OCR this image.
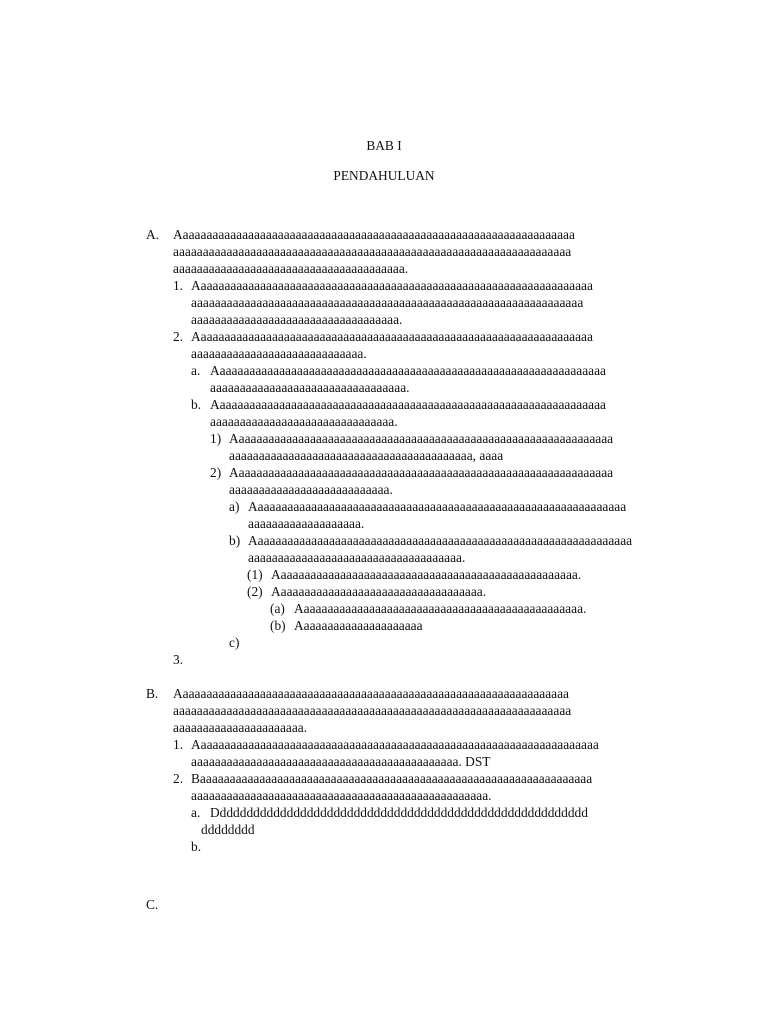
BAB I
PENDAHULUAN
A. Aaaaaaaaaaaaaaaaaaaaaaaaaaaaaaaaaaaaaaaaaaaaaaaaaaaaaaaaaaaaaaaaaaa
aaaaaaaaaaaaaaaaaaaaaaaaaaaaaaaaaaaaaaaaaaaaaaaaaaaaaaaaaaaaaaaaaaa
aaaaaaaaaaaaaaaaaaaaaaaaaaaaaaaaaaaaaaa.
1. Aaaaaaaaaaaaaaaaaaaaaaaaaaaaaaaaaaaaaaaaaaaaaaaaaaaaaaaaaaaaaaaaaaa
aaaaaaaaaaaaaaaaaaaaaaaaaaaaaaaaaaaaaaaaaaaaaaaaaaaaaaaaaaaaaaaaaa
aaaaaaaaaaaaaaaaaaaaaaaaaaaaaaaaaaa.
2. Aaaaaaaaaaaaaaaaaaaaaaaaaaaaaaaaaaaaaaaaaaaaaaaaaaaaaaaaaaaaaaaaaaa
aaaaaaaaaaaaaaaaaaaaaaaaaaaaa.
a. Aaaaaaaaaaaaaaaaaaaaaaaaaaaaaaaaaaaaaaaaaaaaaaaaaaaaaaaaaaaaaaaaaa
aaaaaaaaaaaaaaaaaaaaaaaaaaaaaaaaa.
b. Aaaaaaaaaaaaaaaaaaaaaaaaaaaaaaaaaaaaaaaaaaaaaaaaaaaaaaaaaaaaaaaaaa
aaaaaaaaaaaaaaaaaaaaaaaaaaaaaaa.
1) Aaaaaaaaaaaaaaaaaaaaaaaaaaaaaaaaaaaaaaaaaaaaaaaaaaaaaaaaaaaaaaaa
aaaaaaaaaaaaaaaaaaaaaaaaaaaaaaaaaaaaaaaaa, aaaa
2) Aaaaaaaaaaaaaaaaaaaaaaaaaaaaaaaaaaaaaaaaaaaaaaaaaaaaaaaaaaaaaaaa
aaaaaaaaaaaaaaaaaaaaaaaaaaa.
a) Aaaaaaaaaaaaaaaaaaaaaaaaaaaaaaaaaaaaaaaaaaaaaaaaaaaaaaaaaaaaaaa
aaaaaaaaaaaaaaaaaaa.
b) Aaaaaaaaaaaaaaaaaaaaaaaaaaaaaaaaaaaaaaaaaaaaaaaaaaaaaaaaaaaaaaaa
aaaaaaaaaaaaaaaaaaaaaaaaaaaaaaaaaaaa.
(1) Aaaaaaaaaaaaaaaaaaaaaaaaaaaaaaaaaaaaaaaaaaaaaaaaaaa.
(2) Aaaaaaaaaaaaaaaaaaaaaaaaaaaaaaaaaaa.
(a) Aaaaaaaaaaaaaaaaaaaaaaaaaaaaaaaaaaaaaaaaaaaaaaaa.
(b) Aaaaaaaaaaaaaaaaaaaaa
c)
3.
B. Aaaaaaaaaaaaaaaaaaaaaaaaaaaaaaaaaaaaaaaaaaaaaaaaaaaaaaaaaaaaaaaaaa
aaaaaaaaaaaaaaaaaaaaaaaaaaaaaaaaaaaaaaaaaaaaaaaaaaaaaaaaaaaaaaaaaaa
aaaaaaaaaaaaaaaaaaaaaa.
1. Aaaaaaaaaaaaaaaaaaaaaaaaaaaaaaaaaaaaaaaaaaaaaaaaaaaaaaaaaaaaaaaaaaaa
aaaaaaaaaaaaaaaaaaaaaaaaaaaaaaaaaaaaaaaaaaaaa. DST
2. Baaaaaaaaaaaaaaaaaaaaaaaaaaaaaaaaaaaaaaaaaaaaaaaaaaaaaaaaaaaaaaaaaa
aaaaaaaaaaaaaaaaaaaaaaaaaaaaaaaaaaaaaaaaaaaaaaaaaa.
a. Dddddddddddddddddddddddddddddddddddddddddddddddddddddddd
dddddddd
b.
C.
